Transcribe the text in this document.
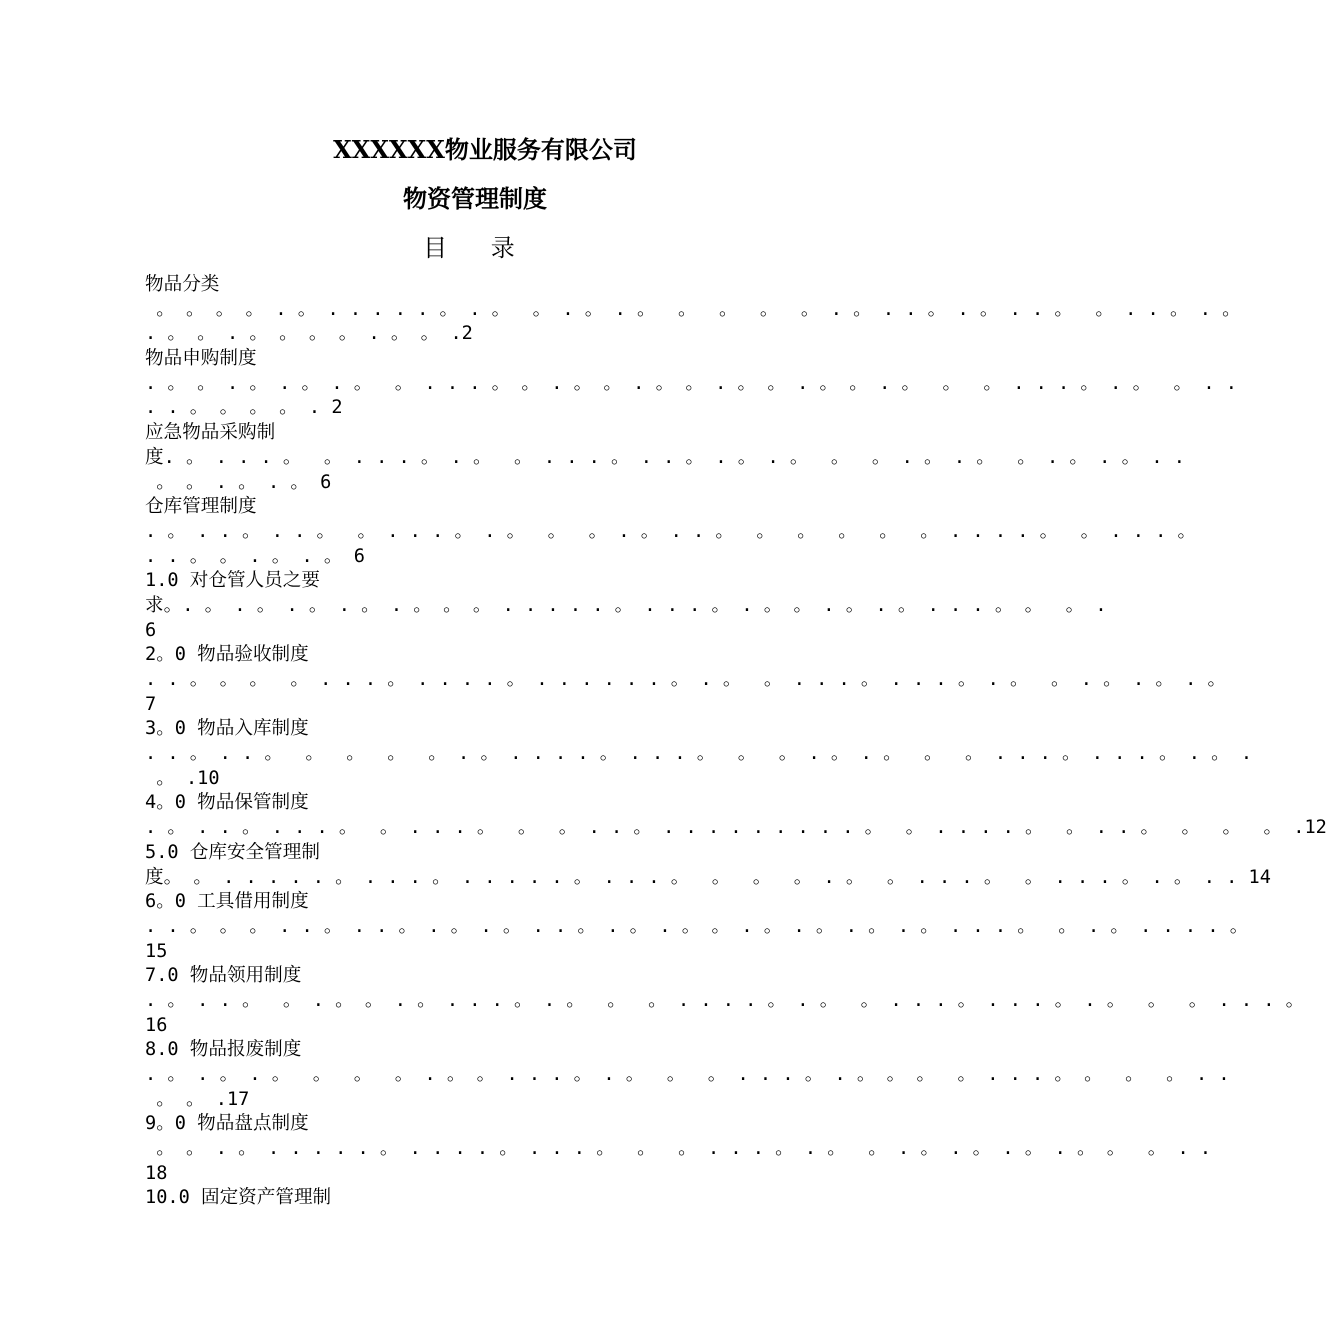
XXXXXX物业服务有限公司
物资管理制度
目 录
物品分类
。 。 。 。 . 。 . . . . . 。 . 。  。 . 。 . 。  。  。  。  。 . 。 . . 。 . 。 . . 。  。 . . 。 . 。
. 。 。 . 。 。 。 。 . 。 。 .2
物品申购制度
. 。 。 . 。 . 。 . 。  。 . . . 。 。 . 。 。 . 。 。 . 。 。 . 。 。 . 。  。  。 . . . 。 . 。  。 . .
. . 。 。 。 。 . 2
应急物品采购制
度. 。 . . . 。  。 . . . 。 . 。  。 . . . 。 . . 。 . 。 . 。  。  。 . 。 . 。  。 . 。 . 。 . .
。 。 . 。 . 。 6
仓库管理制度
. 。 . . 。 . . 。  。 . . . 。 . 。  。  。 . 。 . . 。  。  。  。  。  。 . . . . 。  。 . . . 。
. . 。 。 . 。 . 。 6
1.0 对仓管人员之要
求。. 。 . 。 . 。 . 。 . 。 。 。 . . . . . 。 . . . 。 . 。 。 . 。 . 。 . . . 。 。  。 .
6
2。0 物品验收制度
. . 。 。 。  。 . . . 。 . . . . 。 . . . . . . 。 . 。  。 . . . 。 . . . 。 . 。  。 . 。 . 。 . 。
7
3。0 物品入库制度
. . 。 . . 。  。  。  。  。 . 。 . . . . 。 . . . 。  。  。 . 。 . 。  。  。 . . . 。 . . . 。 . 。 .
。 .10
4。0 物品保管制度
. 。 . . 。 . . . 。  。 . . . 。  。  。 . . 。 . . . . . . . . . 。  。 . . . . 。  。 . . 。  。  。  。 .12
5.0 仓库安全管理制
度。 。 . . . . . 。 . . . 。 . . . . . 。 . . . 。  。  。  。 . 。  。 . . . 。  。 . . . 。 . 。 . . 14
6。0 工具借用制度
. . 。 。 。 . . 。 . . 。 . 。 . 。 . . 。 . 。 . 。 。 . 。 . 。 . 。 . 。 . . . 。  。 . 。 . . . . 。
15
7.0 物品领用制度
. 。 . . 。  。 . 。 。 . 。 . . . 。 . 。  。  。 . . . . 。 . 。  。 . . . 。 . . . 。 . 。  。  。 . . . 。
16
8.0 物品报废制度
. 。 . 。 . 。  。  。  。 . 。 。 . . . 。 . 。  。  。 . . . 。 . 。 。 。  。 . . . 。 。  。  。 . .
。 。 .17
9。0 物品盘点制度
。 。 . 。 . . . . . 。 . . . . 。 . . . 。  。  。 . . . 。 . 。  。 . 。 . 。 . 。 . 。 。  。 . .
18
10.0 固定资产管理制
